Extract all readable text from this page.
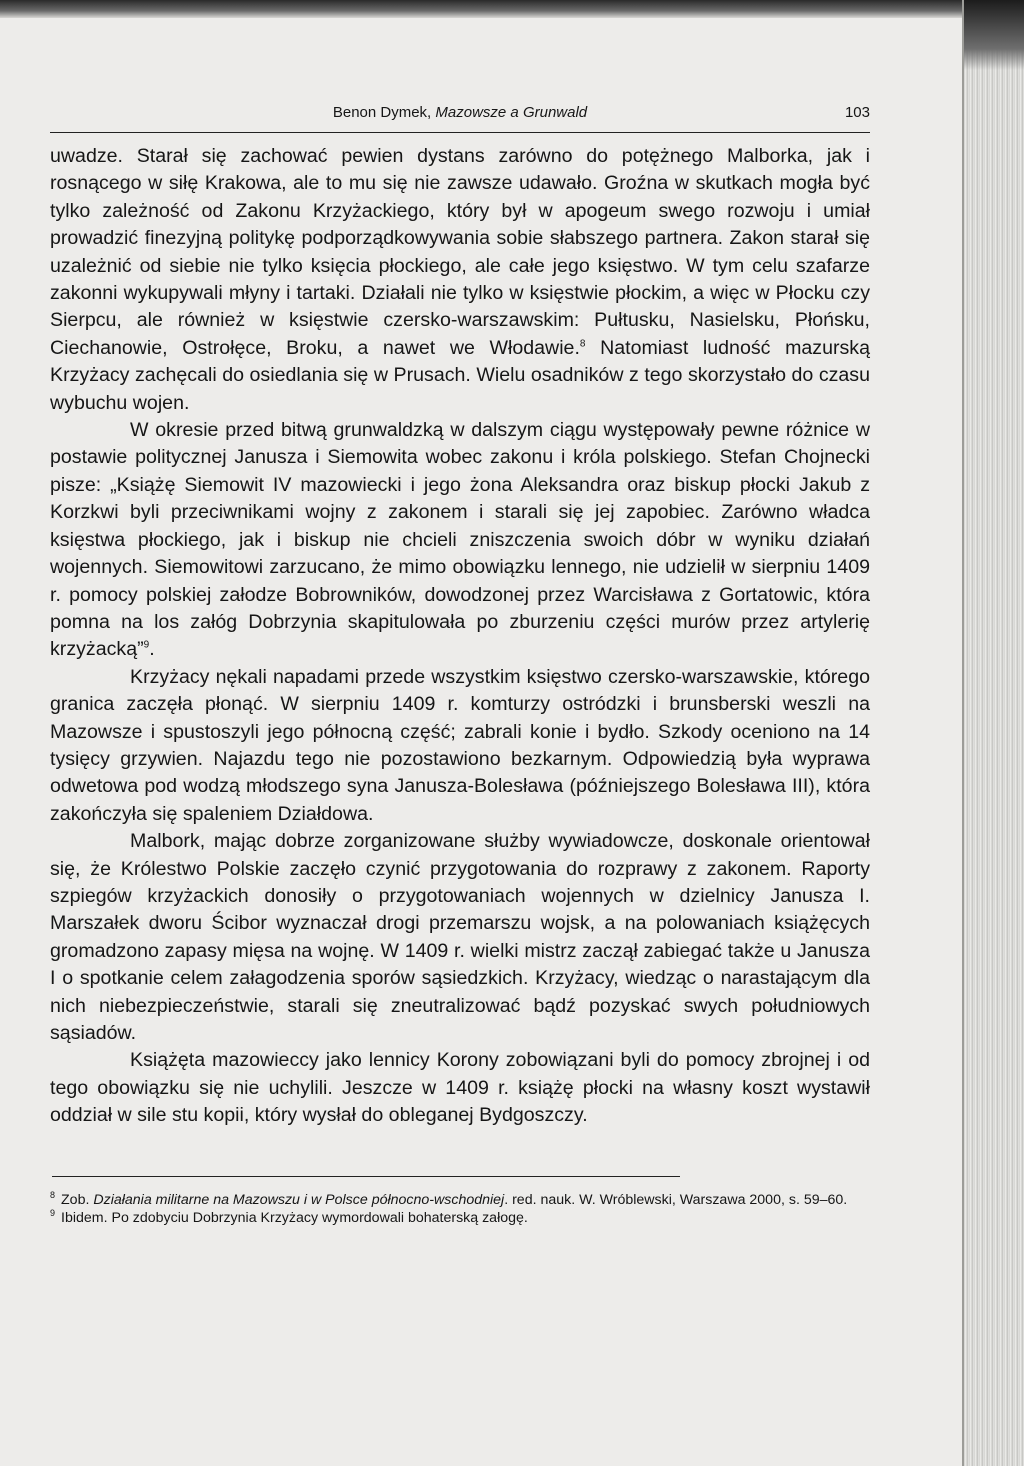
Benon Dymek, Mazowsze a Grunwald	103

uwadze. Starał się zachować pewien dystans zarówno do potężnego Malborka, jak i rosnącego w siłę Krakowa, ale to mu się nie zawsze udawało. Groźna w skutkach mogła być tylko zależność od Zakonu Krzyżackiego, który był w apogeum swego rozwoju i umiał prowadzić finezyjną politykę podporządkowywania sobie słabszego partnera. Zakon starał się uzależnić od siebie nie tylko księcia płockiego, ale całe jego księstwo. W tym celu szafarze zakonni wykupywali młyny i tartaki. Działali nie tylko w księstwie płockim, a więc w Płocku czy Sierpcu, ale również w księstwie czersko-warszawskim: Pułtusku, Nasielsku, Płońsku, Ciechanowie, Ostrołęce, Broku, a nawet we Włodawie.$^8$ Natomiast ludność mazurską Krzyżacy zachęcali do osiedlania się w Prusach. Wielu osadników z tego skorzystało do czasu wybuchu wojen.

W okresie przed bitwą grunwaldzką w dalszym ciągu występowały pewne różnice w postawie politycznej Janusza i Siemowita wobec zakonu i króla polskiego. Stefan Chojnecki pisze: „Książę Siemowit IV mazowiecki i jego żona Aleksandra oraz biskup płocki Jakub z Korzkwi byli przeciwnikami wojny z zakonem i starali się jej zapobiec. Zarówno władca księstwa płockiego, jak i biskup nie chcieli zniszczenia swoich dóbr w wyniku działań wojennych. Siemowitowi zarzucano, że mimo obowiązku lennego, nie udzielił w sierpniu 1409 r. pomocy polskiej załodze Bobrowników, dowodzonej przez Warcisława z Gortatowic, która pomna na los załóg Dobrzynia skapitulowała po zburzeniu części murów przez artylerię krzyżacką”$^9$.

Krzyżacy nękali napadami przede wszystkim księstwo czersko-warszawskie, którego granica zaczęła płonąć. W sierpniu 1409 r. komturzy ostródzki i brunsberski weszli na Mazowsze i spustoszyli jego północną część; zabrali konie i bydło. Szkody oceniono na 14 tysięcy grzywien. Najazdu tego nie pozostawiono bezkarnym. Odpowiedzią była wyprawa odwetowa pod wodzą młodszego syna Janusza-Bolesława (późniejszego Bolesława III), która zakończyła się spaleniem Działdowa.

Malbork, mając dobrze zorganizowane służby wywiadowcze, doskonale orientował się, że Królestwo Polskie zaczęło czynić przygotowania do rozprawy z zakonem. Raporty szpiegów krzyżackich donosiły o przygotowaniach wojennych w dzielnicy Janusza I. Marszałek dworu Ścibor wyznaczał drogi przemarszu wojsk, a na polowaniach książęcych gromadzono zapasy mięsa na wojnę. W 1409 r. wielki mistrz zaczął zabiegać także u Janusza I o spotkanie celem załagodzenia sporów sąsiedzkich. Krzyżacy, wiedząc o narastającym dla nich niebezpieczeństwie, starali się zneutralizować bądź pozyskać swych południowych sąsiadów.

Książęta mazowieccy jako lennicy Korony zobowiązani byli do pomocy zbrojnej i od tego obowiązku się nie uchylili. Jeszcze w 1409 r. książę płocki na własny koszt wystawił oddział w sile stu kopii, który wysłał do obleganej Bydgoszczy.

$^8$ Zob. Działania militarne na Mazowszu i w Polsce północno-wschodniej. red. nauk. W. Wróblewski, Warszawa 2000, s. 59–60.

$^9$ Ibidem. Po zdobyciu Dobrzynia Krzyżacy wymordowali bohaterską załogę.
